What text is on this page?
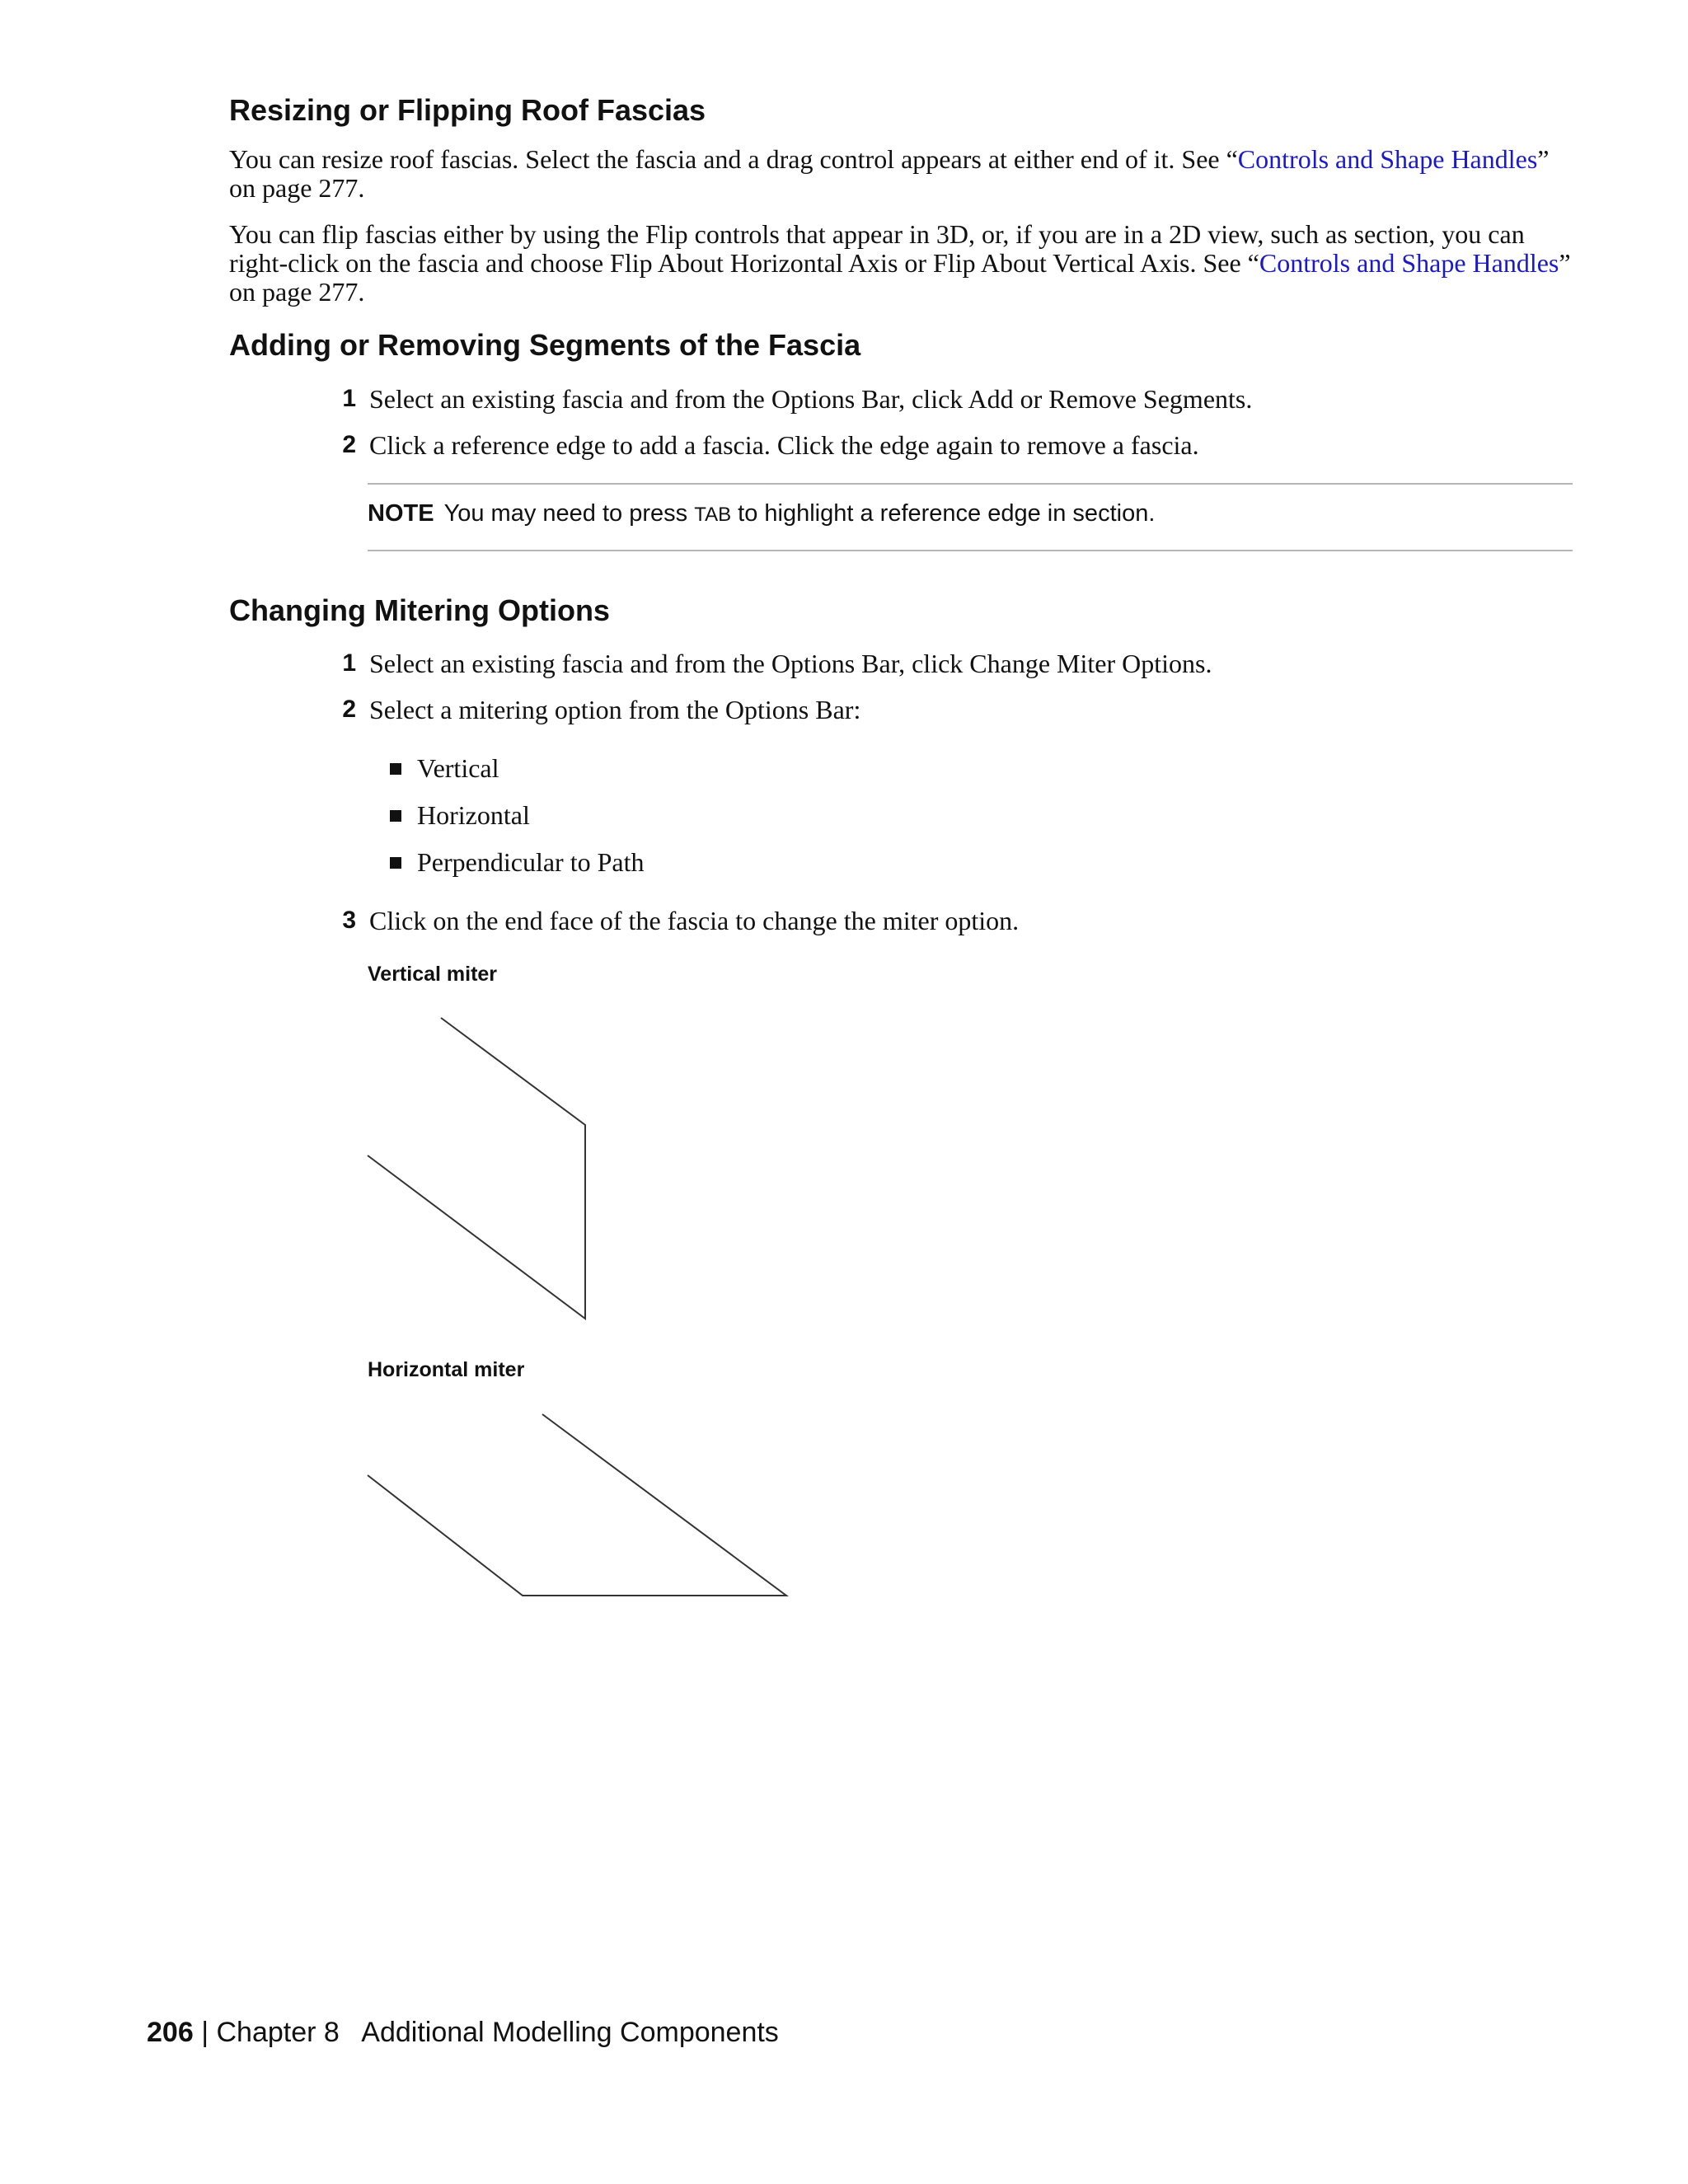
Resizing or Flipping Roof Fascias

You can resize roof fascias. Select the fascia and a drag control appears at either end of it. See “Controls and Shape Handles” on page 277.

You can flip fascias either by using the Flip controls that appear in 3D, or, if you are in a 2D view, such as section, you can right-click on the fascia and choose Flip About Horizontal Axis or Flip About Vertical Axis. See “Controls and Shape Handles” on page 277.

Adding or Removing Segments of the Fascia
1 Select an existing fascia and from the Options Bar, click Add or Remove Segments.
2 Click a reference edge to add a fascia. Click the edge again to remove a fascia.
NOTE You may need to press TAB to highlight a reference edge in section.
Changing Mitering Options
1 Select an existing fascia and from the Options Bar, click Change Miter Options.
2 Select a mitering option from the Options Bar:
Vertical
Horizontal
Perpendicular to Path
3 Click on the end face of the fascia to change the miter option.
Vertical miter
Horizontal miter
206 | Chapter 8 Additional Modelling Components
